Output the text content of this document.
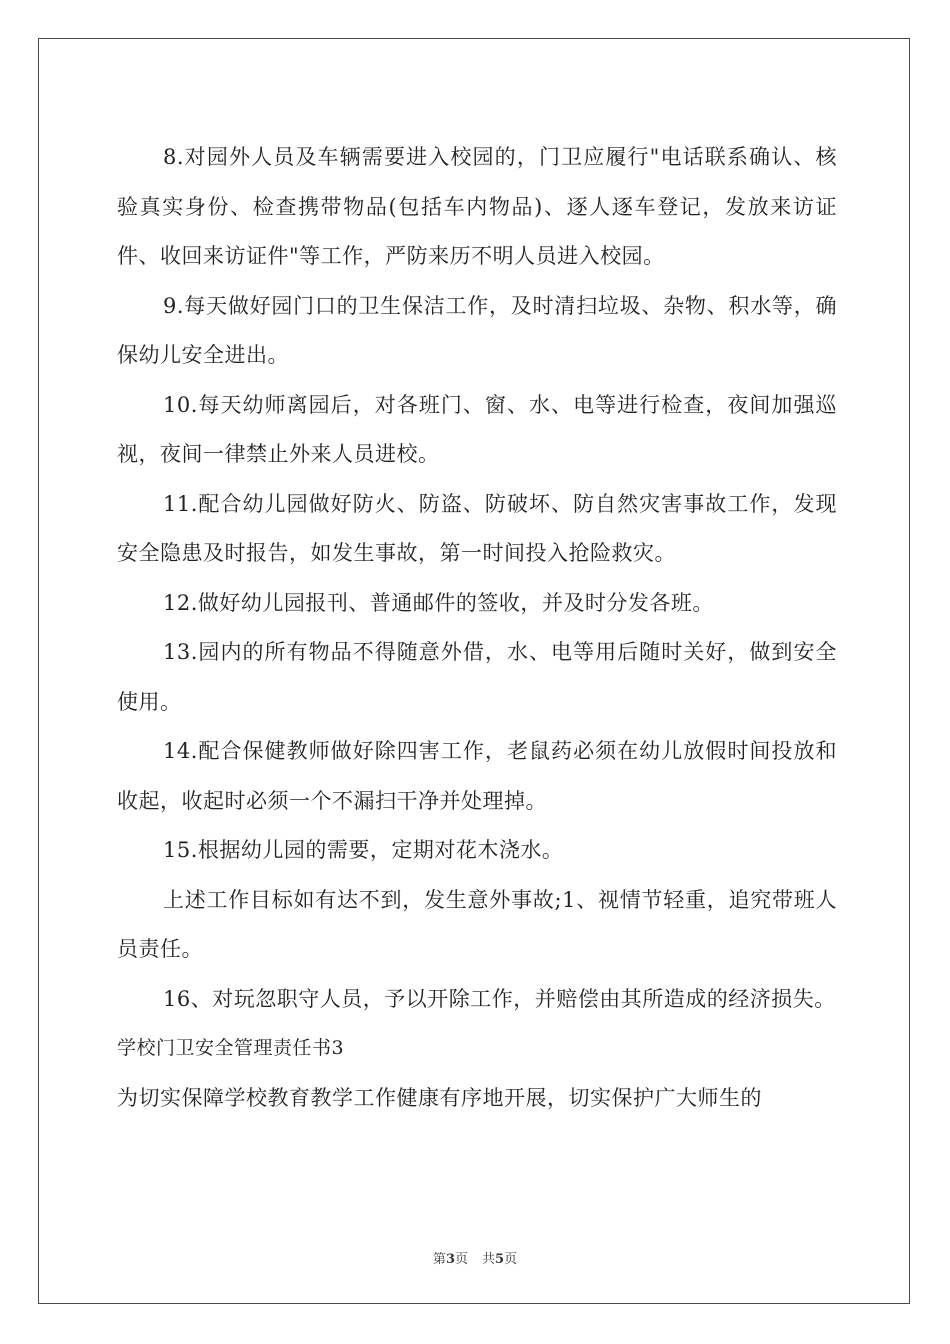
8.对园外人员及车辆需要进入校园的，门卫应履行"电话联系确认、核验真实身份、检查携带物品(包括车内物品)、逐人逐车登记，发放来访证件、收回来访证件"等工作，严防来历不明人员进入校园。

9.每天做好园门口的卫生保洁工作，及时清扫垃圾、杂物、积水等，确保幼儿安全进出。

10.每天幼师离园后，对各班门、窗、水、电等进行检查，夜间加强巡视，夜间一律禁止外来人员进校。

11.配合幼儿园做好防火、防盗、防破坏、防自然灾害事故工作，发现安全隐患及时报告，如发生事故，第一时间投入抢险救灾。

12.做好幼儿园报刊、普通邮件的签收，并及时分发各班。

13.园内的所有物品不得随意外借，水、电等用后随时关好，做到安全使用。

14.配合保健教师做好除四害工作，老鼠药必须在幼儿放假时间投放和收起，收起时必须一个不漏扫干净并处理掉。

15.根据幼儿园的需要，定期对花木浇水。

上述工作目标如有达不到，发生意外事故;1、视情节轻重，追究带班人员责任。

16、对玩忽职守人员，予以开除工作，并赔偿由其所造成的经济损失。

学校门卫安全管理责任书3

为切实保障学校教育教学工作健康有序地开展，切实保护广大师生的

第3页 共5页
